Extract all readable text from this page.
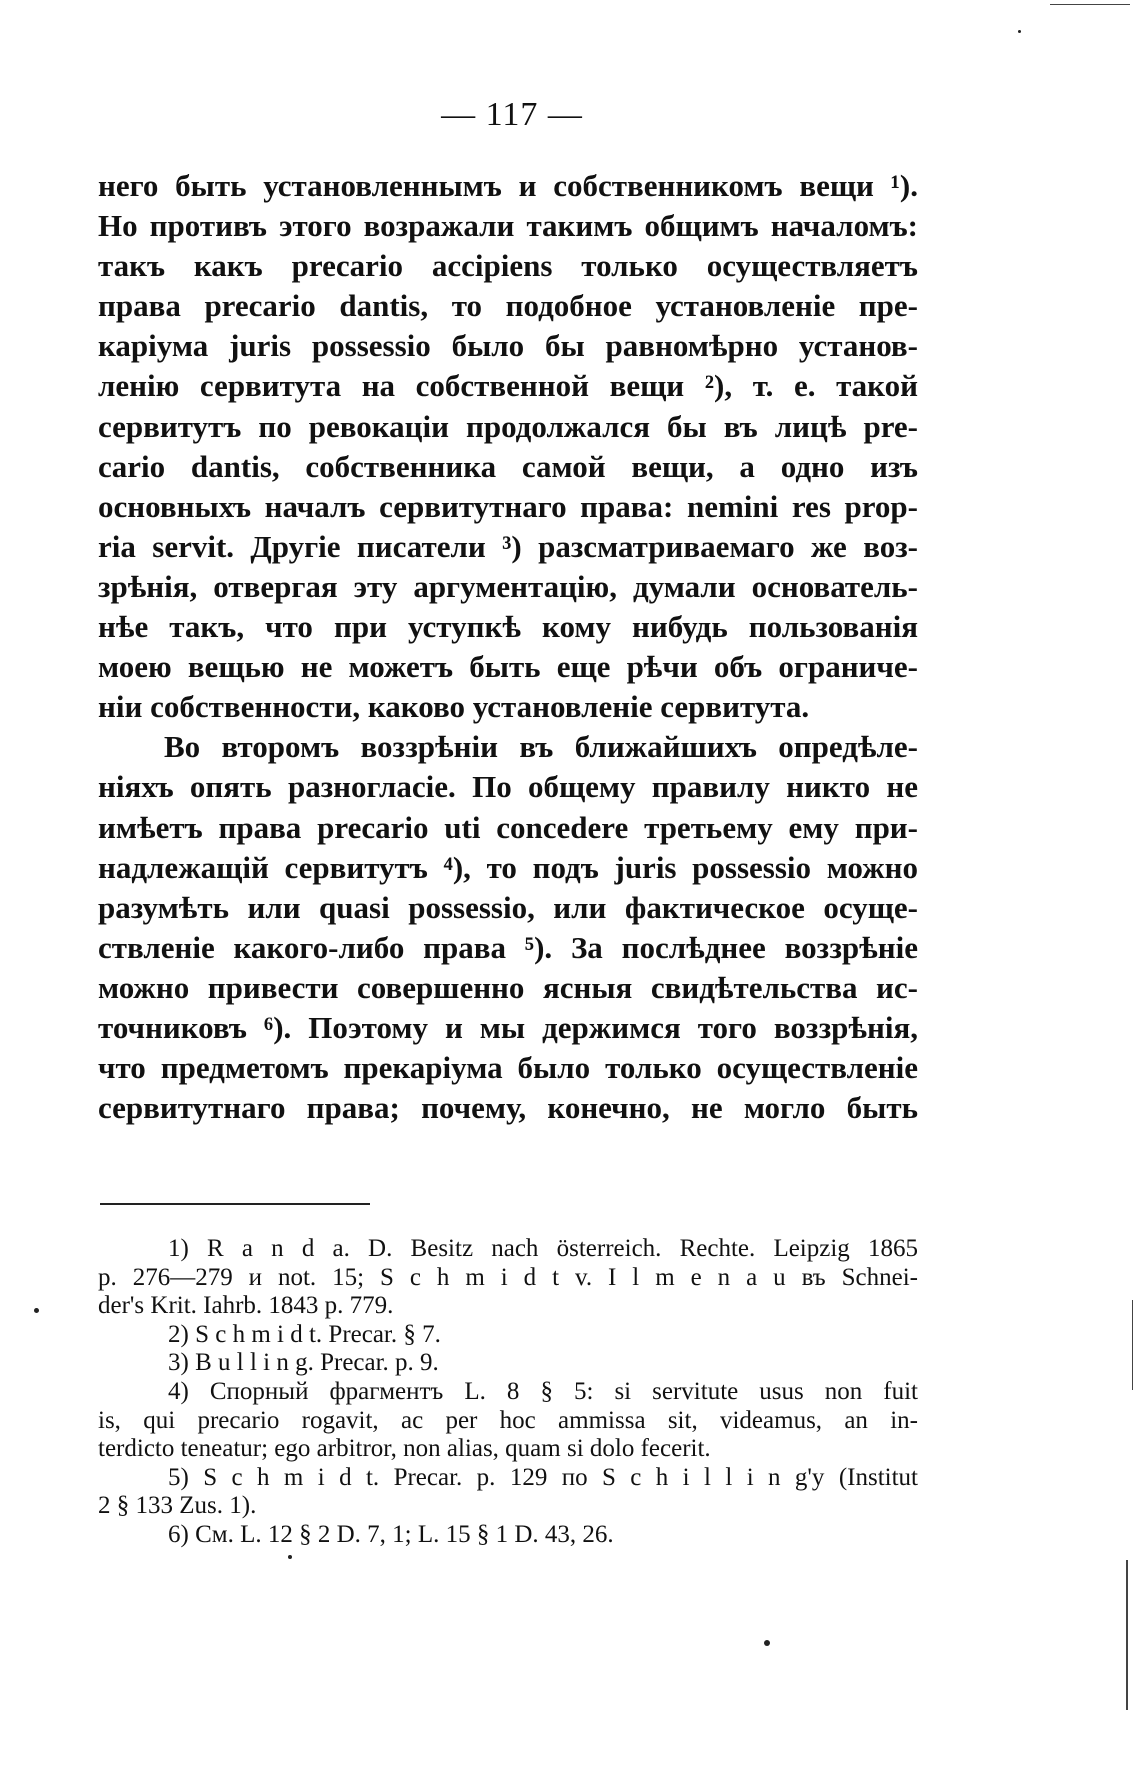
— 117 —
него быть установленнымъ и собственникомъ вещи ¹).
Но противъ этого возражали такимъ общимъ началомъ:
такъ какъ precario accipiens только осуществляетъ
права precario dantis, то подобное установленіе пре-
каріума juris possessio было бы равномѣрно установ-
ленію сервитута на собственной вещи ²), т. е. такой
сервитутъ по ревокаціи продолжался бы въ лицѣ pre-
cario dantis, собственника самой вещи, а одно изъ
основныхъ началъ сервитутнаго права: nemini res prop-
ria servit. Другіе писатели ³) разсматриваемаго же воз-
зрѣнія, отвергая эту аргументацію, думали основатель-
нѣе такъ, что при уступкѣ кому нибудь пользованія
моею вещью не можетъ быть еще рѣчи объ ограниче-
ніи собственности, каково установленіе сервитута.
Во второмъ воззрѣніи въ ближайшихъ опредѣле-
ніяхъ опять разногласіе. По общему правилу никто не
имѣетъ права precario uti concedere третьему ему при-
надлежащій сервитутъ ⁴), то подъ juris possessio можно
разумѣть или quasi possessio, или фактическое осуще-
ствленіе какого-либо права ⁵). За послѣднее воззрѣніе
можно привести совершенно ясныя свидѣтельства ис-
точниковъ ⁶). Поэтому и мы держимся того воззрѣнія,
что предметомъ прекаріума было только осуществленіе
сервитутнаго права; почему, конечно, не могло быть
1) R a n d a. D. Besitz nach österreich. Rechte. Leipzig 1865
p. 276—279 и not. 15; S c h m i d t v. I l m e n a u въ Schnei-
der's Krit. Iahrb. 1843 p. 779.
2) S c h m i d t. Precar. § 7.
3) B u l l i n g. Precar. p. 9.
4) Спорный фрагментъ L. 8 § 5: si servitute usus non fuit
is, qui precario rogavit, ac per hoc ammissa sit, videamus, an in-
terdicto teneatur; ego arbitror, non alias, quam si dolo fecerit.
5) S c h m i d t. Precar. p. 129 по S c h i l l i n g'y (Institut
2 § 133 Zus. 1).
6) См. L. 12 § 2 D. 7, 1; L. 15 § 1 D. 43, 26.
